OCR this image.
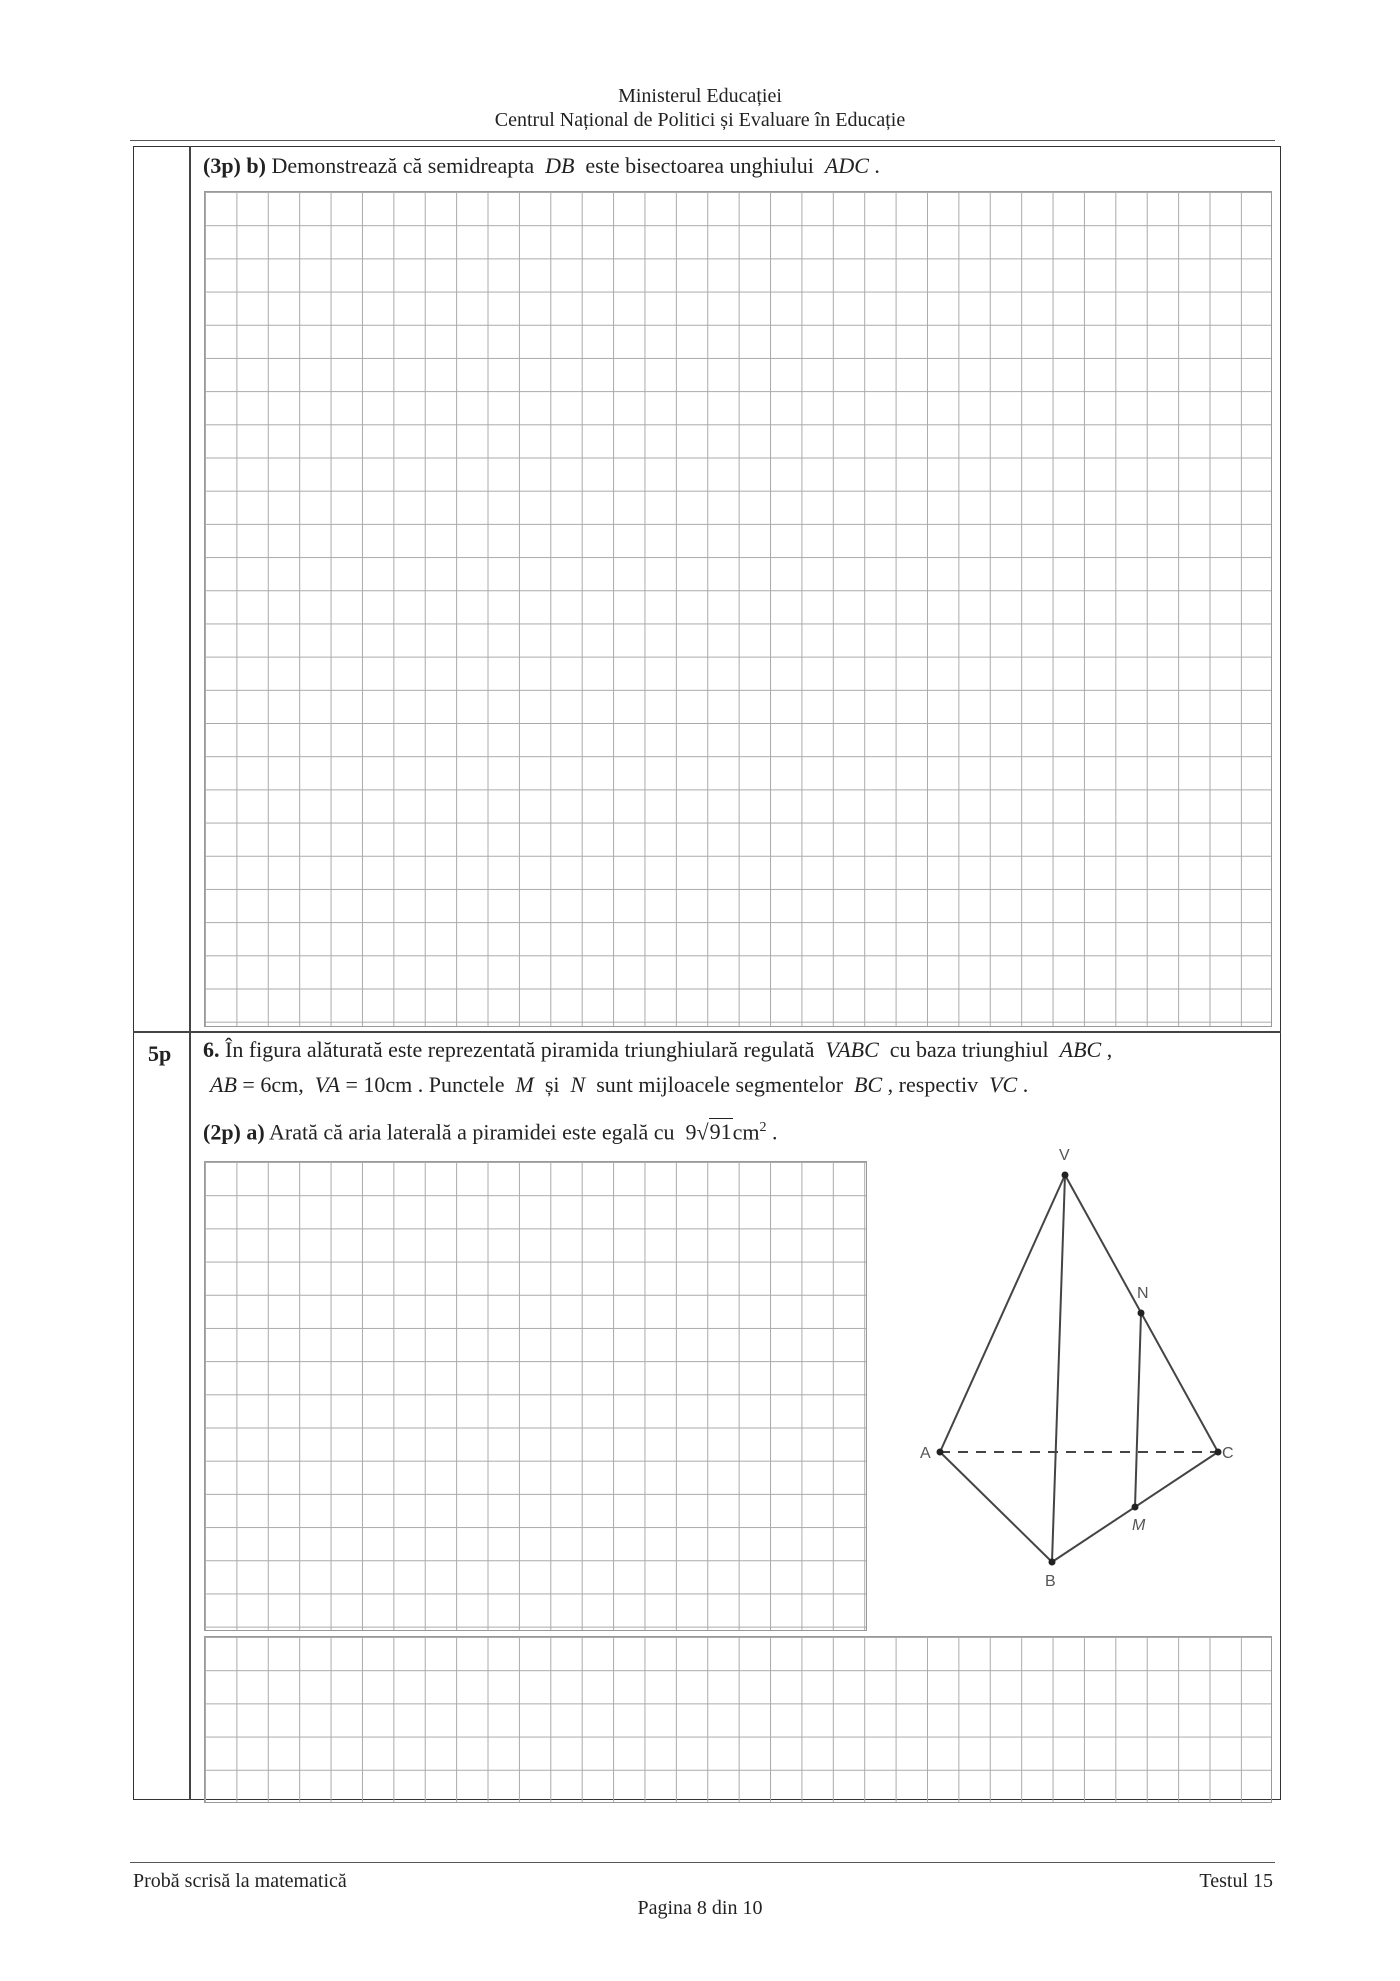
Ministerul Educației
Centrul Național de Politici și Evaluare în Educație
(3p) b) Demonstrează că semidreapta DB este bisectoarea unghiului ADC .
5p 6. În figura alăturată este reprezentată piramida triunghiulară regulată VABC cu baza triunghiul ABC ,
AB = 6cm, VA = 10cm . Punctele M și N sunt mijloacele segmentelor BC , respectiv VC .
(2p) a) Arată că aria laterală a piramidei este egală cu $9√91cm^2$ .
V
A
B
C
N
M
Probă scrisă la matematică	Testul 15
Pagina 8 din 10
